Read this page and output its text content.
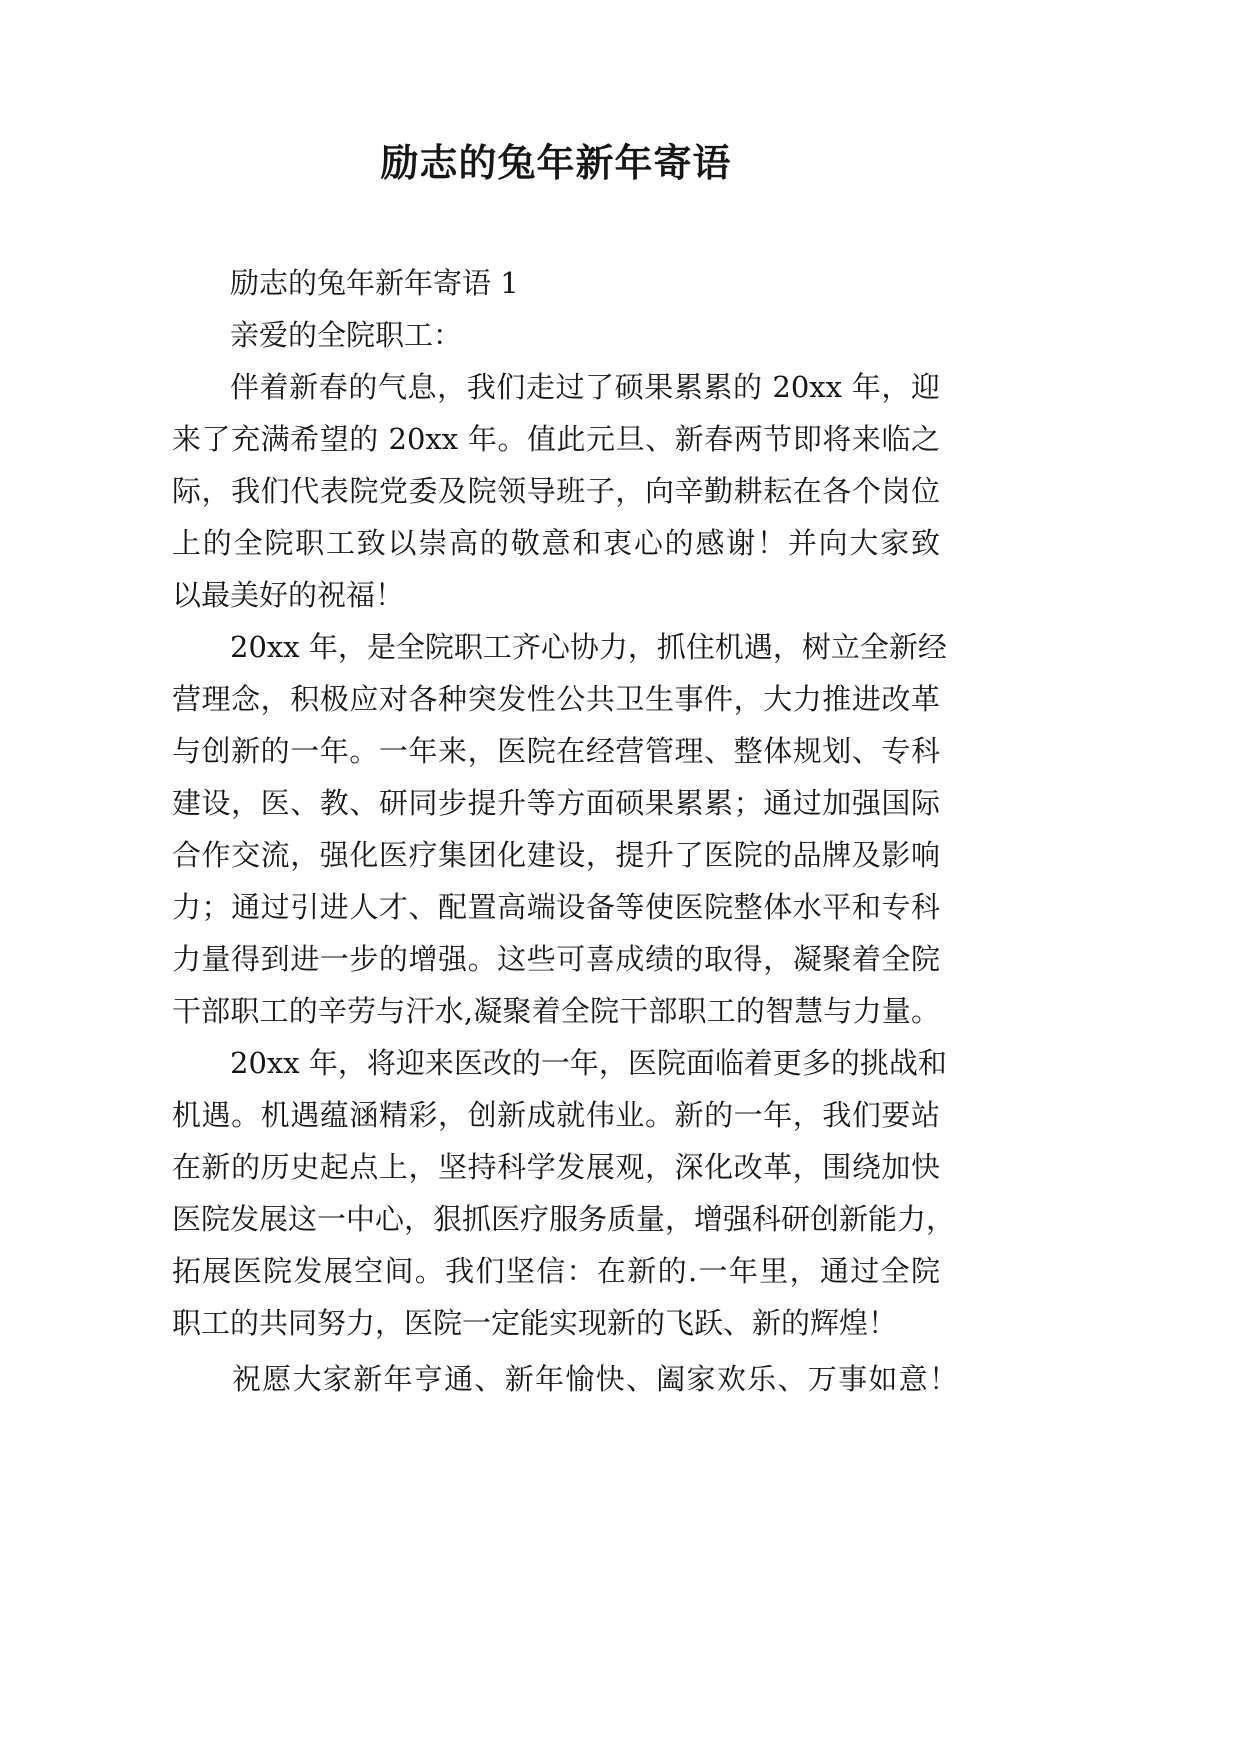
励志的兔年新年寄语
励志的兔年新年寄语 1
亲爱的全院职工：
伴着新春的气息，我们走过了硕果累累的 20xx 年，迎
来了充满希望的 20xx 年。值此元旦、新春两节即将来临之
际，我们代表院党委及院领导班子，向辛勤耕耘在各个岗位
上的全院职工致以崇高的敬意和衷心的感谢！并向大家致
以最美好的祝福！
20xx 年，是全院职工齐心协力，抓住机遇，树立全新经
营理念，积极应对各种突发性公共卫生事件，大力推进改革
与创新的一年。一年来，医院在经营管理、整体规划、专科
建设，医、教、研同步提升等方面硕果累累；通过加强国际
合作交流，强化医疗集团化建设，提升了医院的品牌及影响
力；通过引进人才、配置高端设备等使医院整体水平和专科
力量得到进一步的增强。这些可喜成绩的取得，凝聚着全院
干部职工的辛劳与汗水,凝聚着全院干部职工的智慧与力量。
20xx 年，将迎来医改的一年，医院面临着更多的挑战和
机遇。机遇蕴涵精彩，创新成就伟业。新的一年，我们要站
在新的历史起点上，坚持科学发展观，深化改革，围绕加快
医院发展这一中心，狠抓医疗服务质量，增强科研创新能力，
拓展医院发展空间。我们坚信：在新的.一年里，通过全院
职工的共同努力，医院一定能实现新的飞跃、新的辉煌！
祝愿大家新年亨通、新年愉快、阖家欢乐、万事如意！
